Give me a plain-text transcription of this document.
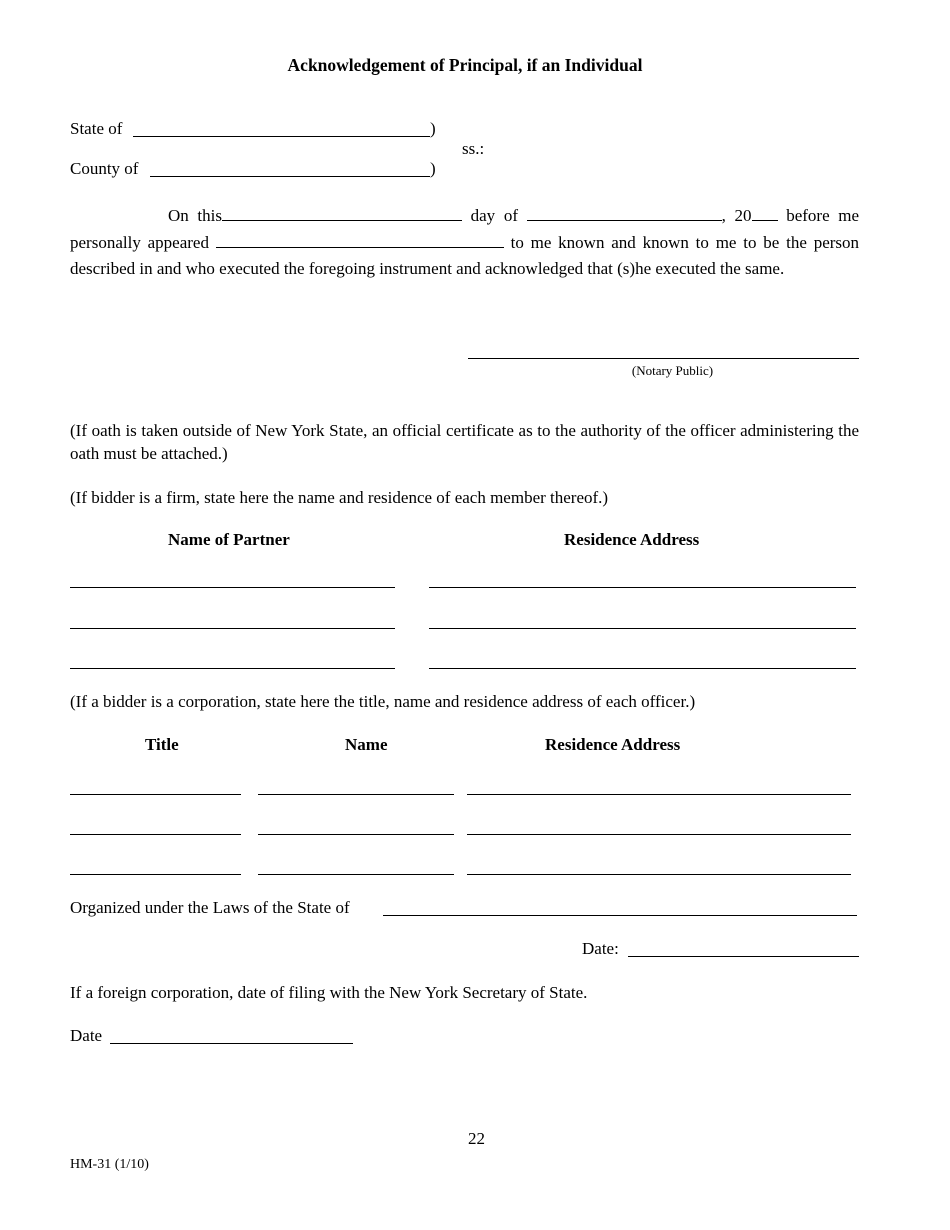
Acknowledgement of Principal, if an Individual
State of	)
ss.:
County of	)
On this	day of	, 20 before me personally appeared	to me known and known to me to be the person described in and who executed the foregoing instrument and acknowledged that (s)he executed the same.
(Notary Public)
(If oath is taken outside of New York State, an official certificate as to the authority of the officer administering the oath must be attached.)
(If bidder is a firm, state here the name and residence of each member thereof.)
Name of Partner	Residence Address
(If a bidder is a corporation, state here the title, name and residence address of each officer.)
Title	Name	Residence Address
Organized under the Laws of the State of
Date:
If a foreign corporation, date of filing with the New York Secretary of State.
Date
22
HM-31 (1/10)
